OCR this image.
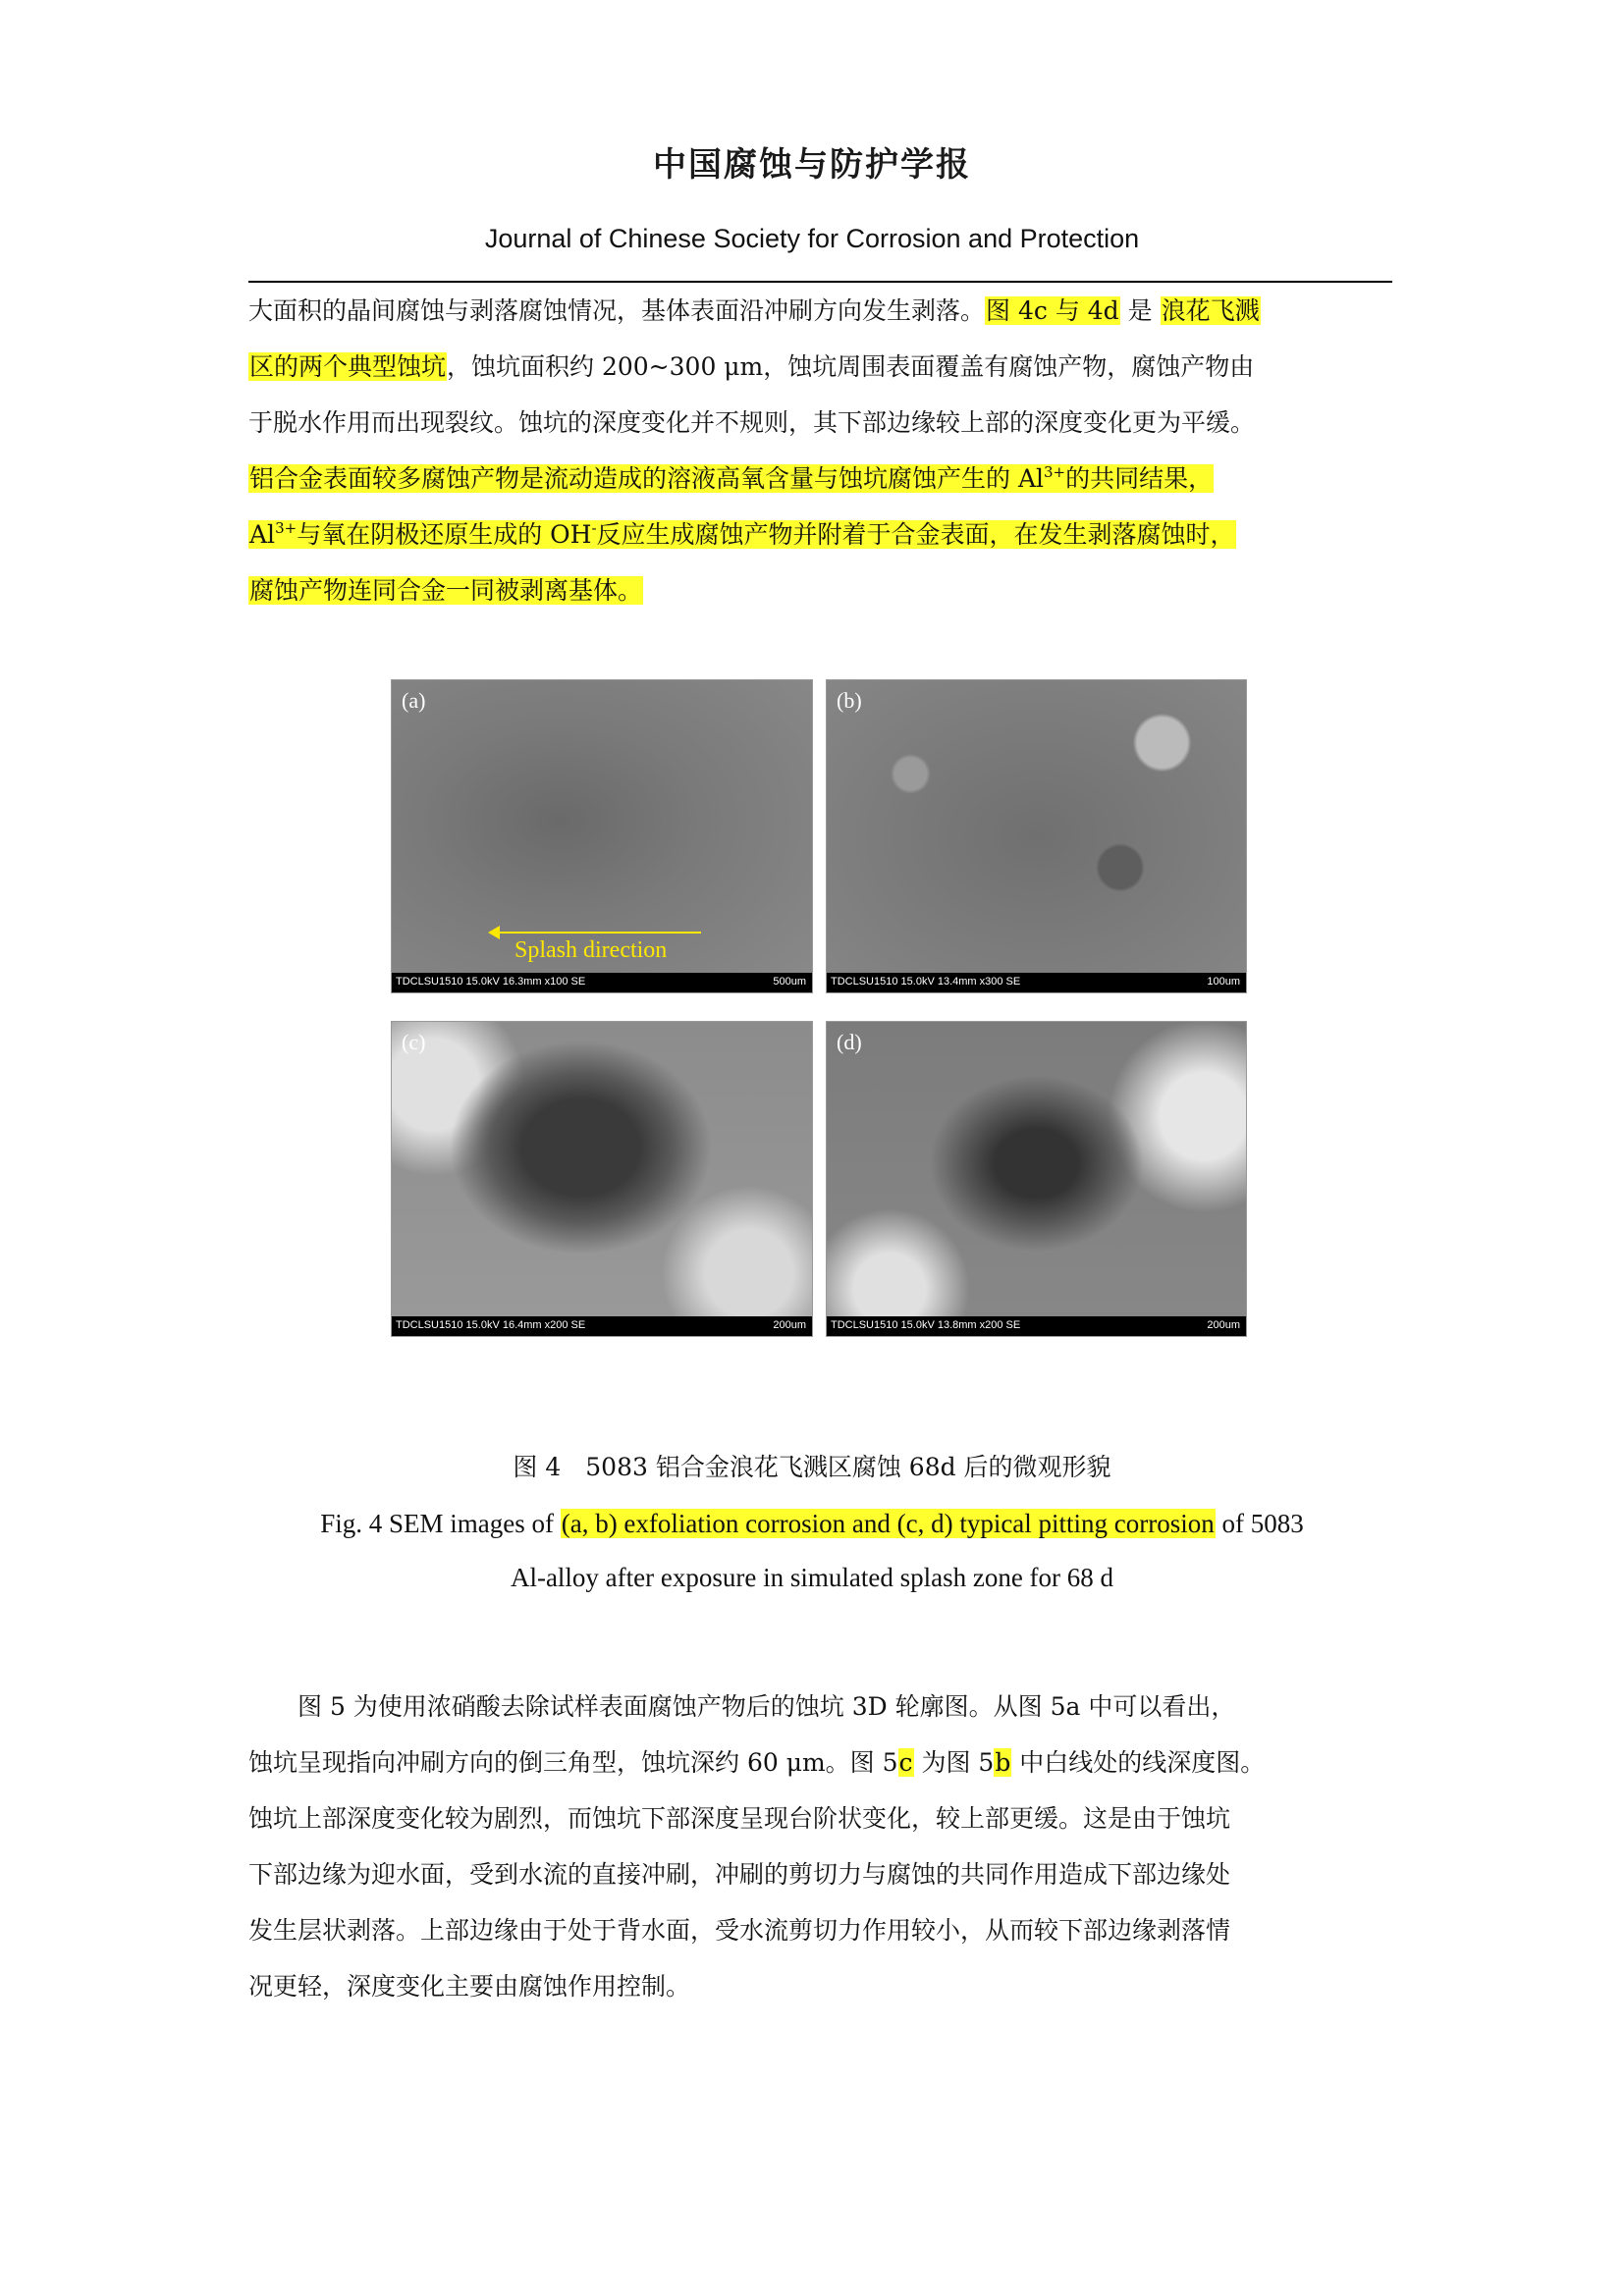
中国腐蚀与防护学报
Journal of Chinese Society for Corrosion and Protection
大面积的晶间腐蚀与剥落腐蚀情况，基体表面沿冲刷方向发生剥落。图 4c 与 4d 是 浪花飞溅
区的两个典型蚀坑，蚀坑面积约 200~300 μm，蚀坑周围表面覆盖有腐蚀产物，腐蚀产物由
于脱水作用而出现裂纹。蚀坑的深度变化并不规则，其下部边缘较上部的深度变化更为平缓。
铝合金表面较多腐蚀产物是流动造成的溶液高氧含量与蚀坑腐蚀产生的 $Al^{3+}$的共同结果，
$Al^{3+}$与氧在阴极还原生成的 OH-反应生成腐蚀产物并附着于合金表面，在发生剥落腐蚀时，
腐蚀产物连同合金一同被剥离基体。
(a)
Splash direction
TDCLSU1510 15.0kV 16.3mm x100 SE	500um
(b)
TDCLSU1510 15.0kV 13.4mm x300 SE	100um
(c)
TDCLSU1510 15.0kV 16.4mm x200 SE	200um
(d)
TDCLSU1510 15.0kV 13.8mm x200 SE	200um
图 4　5083 铝合金浪花飞溅区腐蚀 68d 后的微观形貌
Fig. 4 SEM images of (a, b) exfoliation corrosion and (c, d) typical pitting corrosion of 5083
Al-alloy after exposure in simulated splash zone for 68 d
　　图 5 为使用浓硝酸去除试样表面腐蚀产物后的蚀坑 3D 轮廓图。从图 5a 中可以看出，
蚀坑呈现指向冲刷方向的倒三角型，蚀坑深约 60 μm。图 5c 为图 5b 中白线处的线深度图。
蚀坑上部深度变化较为剧烈，而蚀坑下部深度呈现台阶状变化，较上部更缓。这是由于蚀坑
下部边缘为迎水面，受到水流的直接冲刷，冲刷的剪切力与腐蚀的共同作用造成下部边缘处
发生层状剥落。上部边缘由于处于背水面，受水流剪切力作用较小，从而较下部边缘剥落情
况更轻，深度变化主要由腐蚀作用控制。
